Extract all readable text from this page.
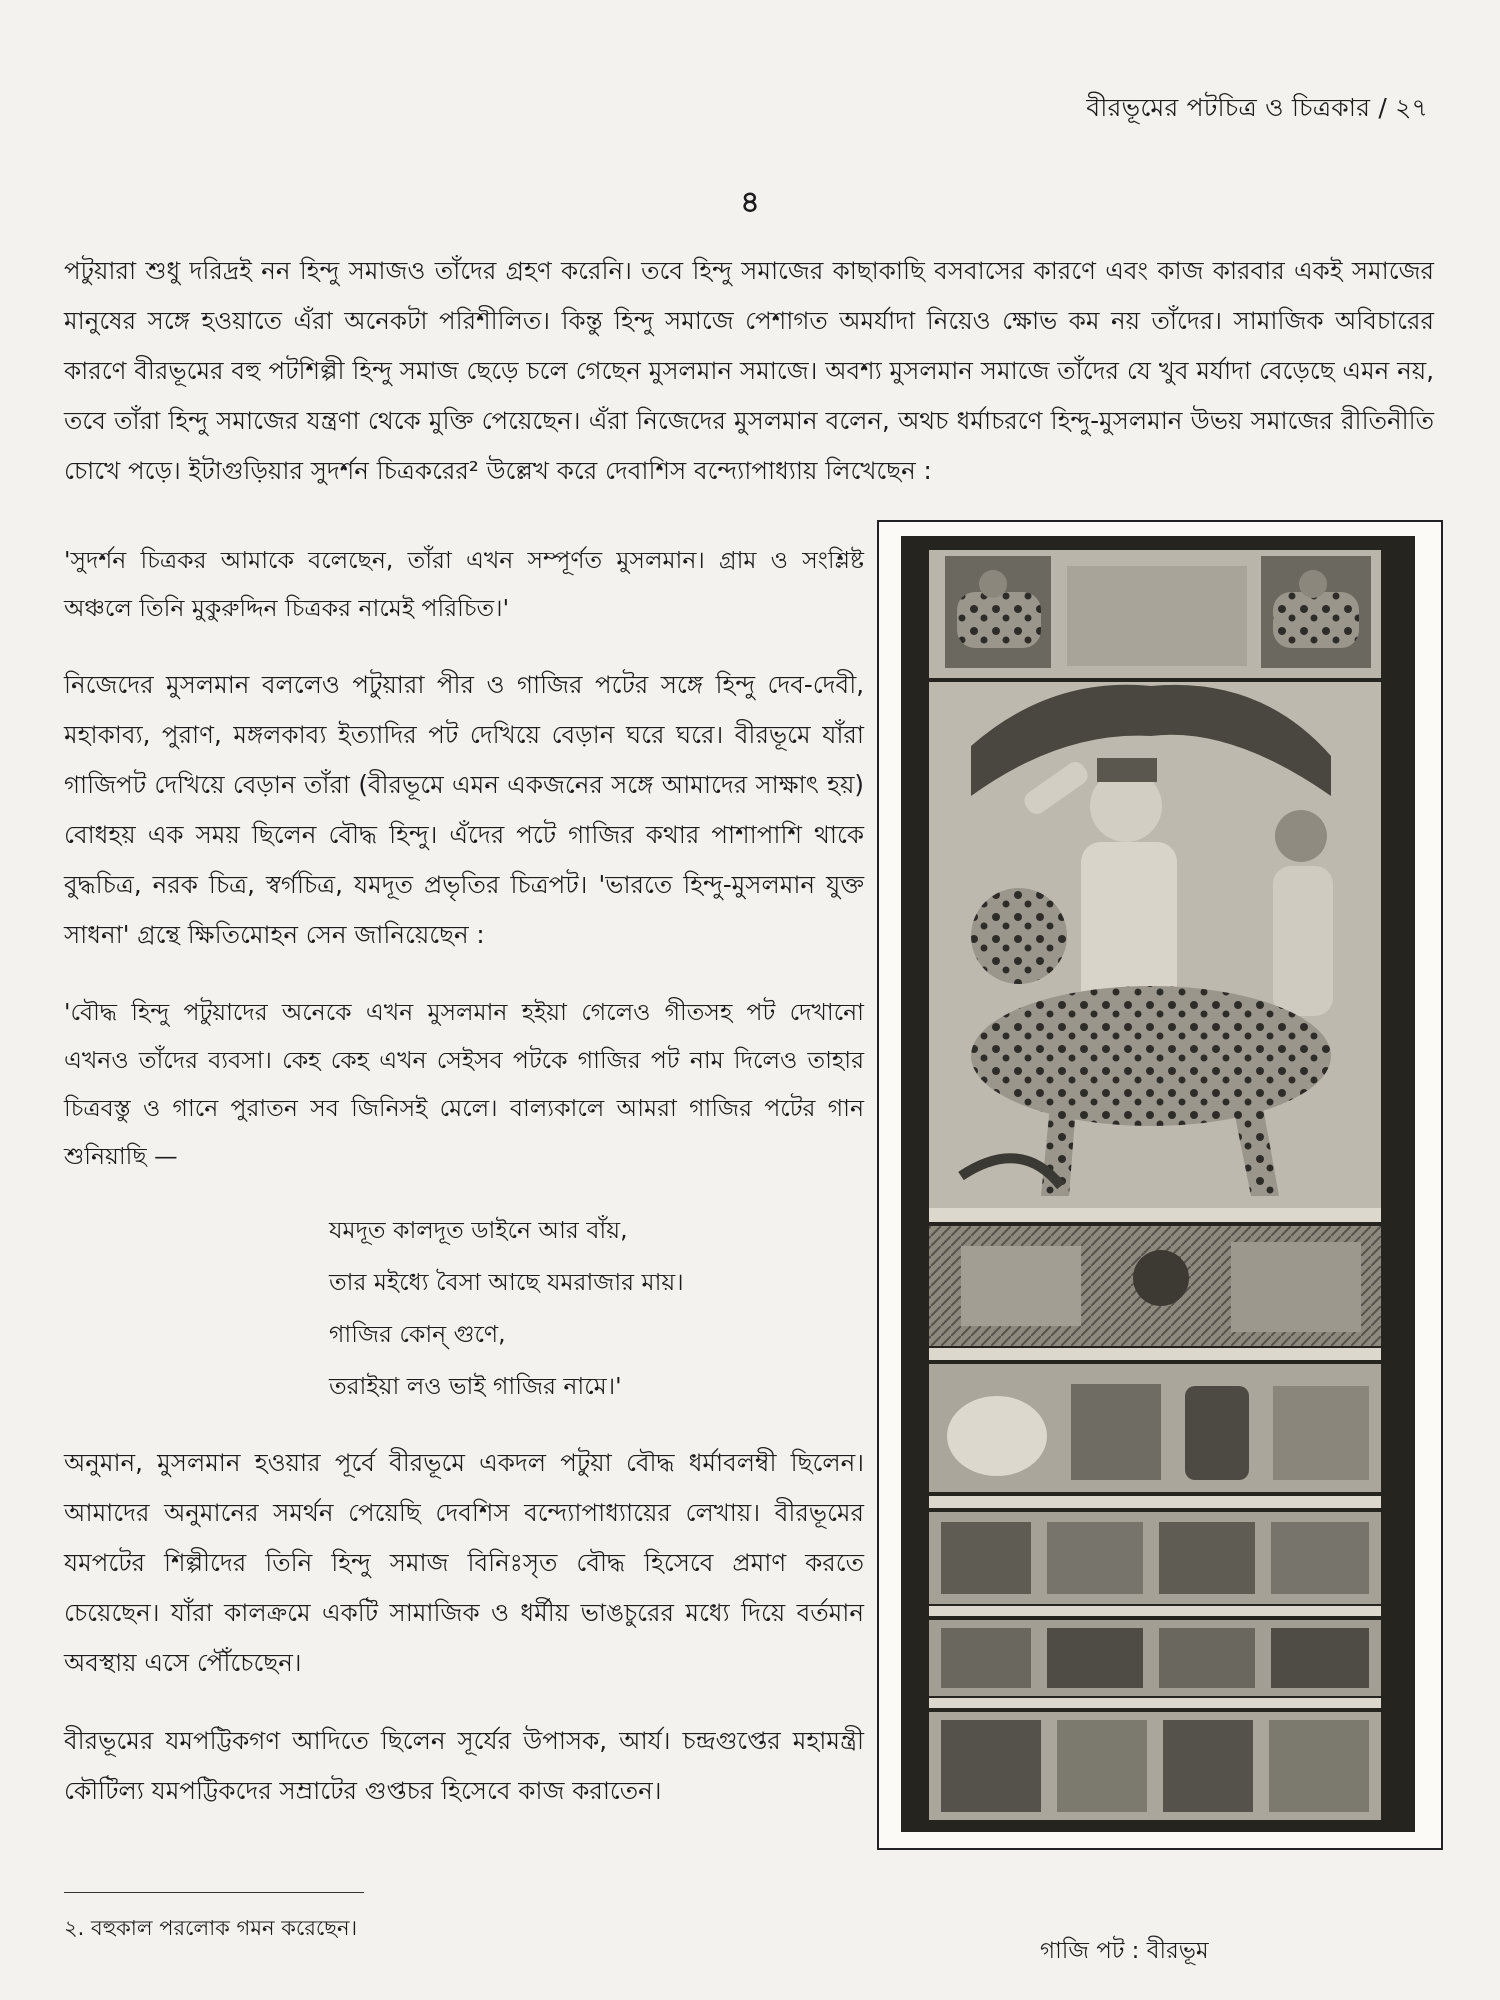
বীরভূমের পটচিত্র ও চিত্রকার / ২৭
৪

পটুয়ারা শুধু দরিদ্রই নন হিন্দু সমাজও তাঁদের গ্রহণ করেনি। তবে হিন্দু সমাজের কাছাকাছি বসবাসের কারণে এবং কাজ কারবার একই সমাজের মানুষের সঙ্গে হওয়াতে এঁরা অনেকটা পরিশীলিত। কিন্তু হিন্দু সমাজে পেশাগত অমর্যাদা নিয়েও ক্ষোভ কম নয় তাঁদের। সামাজিক অবিচারের কারণে বীরভূমের বহু পটশিল্পী হিন্দু সমাজ ছেড়ে চলে গেছেন মুসলমান সমাজে। অবশ্য মুসলমান সমাজে তাঁদের যে খুব মর্যাদা বেড়েছে এমন নয়, তবে তাঁরা হিন্দু সমাজের যন্ত্রণা থেকে মুক্তি পেয়েছেন। এঁরা নিজেদের মুসলমান বলেন, অথচ ধর্মাচরণে হিন্দু-মুসলমান উভয় সমাজের রীতিনীতি চোখে পড়ে। ইটাগুড়িয়ার সুদর্শন চিত্রকরের² উল্লেখ করে দেবাশিস বন্দ্যোপাধ্যায় লিখেছেন :

'সুদর্শন চিত্রকর আমাকে বলেছেন, তাঁরা এখন সম্পূর্ণত মুসলমান। গ্রাম ও সংশ্লিষ্ট অঞ্চলে তিনি মুকুরুদ্দিন চিত্রকর নামেই পরিচিত।'

নিজেদের মুসলমান বললেও পটুয়ারা পীর ও গাজির পটের সঙ্গে হিন্দু দেব-দেবী, মহাকাব্য, পুরাণ, মঙ্গলকাব্য ইত্যাদির পট দেখিয়ে বেড়ান ঘরে ঘরে। বীরভূমে যাঁরা গাজিপট দেখিয়ে বেড়ান তাঁরা (বীরভূমে এমন একজনের সঙ্গে আমাদের সাক্ষাৎ হয়) বোধহয় এক সময় ছিলেন বৌদ্ধ হিন্দু। এঁদের পটে গাজির কথার পাশাপাশি থাকে বুদ্ধচিত্র, নরক চিত্র, স্বর্গচিত্র, যমদূত প্রভৃতির চিত্রপট। 'ভারতে হিন্দু-মুসলমান যুক্ত সাধনা' গ্রন্থে ক্ষিতিমোহন সেন জানিয়েছেন :

'বৌদ্ধ হিন্দু পটুয়াদের অনেকে এখন মুসলমান হইয়া গেলেও গীতসহ পট দেখানো এখনও তাঁদের ব্যবসা। কেহ কেহ এখন সেইসব পটকে গাজির পট নাম দিলেও তাহার চিত্রবস্তু ও গানে পুরাতন সব জিনিসই মেলে। বাল্যকালে আমরা গাজির পটের গান শুনিয়াছি —

যমদূত কালদূত ডাইনে আর বাঁয়,
তার মইধ্যে বৈসা আছে যমরাজার মায়।
গাজির কোন্ গুণে,
তরাইয়া লও ভাই গাজির নামে।'

অনুমান, মুসলমান হওয়ার পূর্বে বীরভূমে একদল পটুয়া বৌদ্ধ ধর্মাবলম্বী ছিলেন। আমাদের অনুমানের সমর্থন পেয়েছি দেবশিস বন্দ্যোপাধ্যায়ের লেখায়। বীরভূমের যমপটের শিল্পীদের তিনি হিন্দু সমাজ বিনিঃসৃত বৌদ্ধ হিসেবে প্রমাণ করতে চেয়েছেন। যাঁরা কালক্রমে একটি সামাজিক ও ধর্মীয় ভাঙচুরের মধ্যে দিয়ে বর্তমান অবস্থায় এসে পৌঁচেছেন।

বীরভূমের যমপট্টিকগণ আদিতে ছিলেন সূর্যের উপাসক, আর্য। চন্দ্রগুপ্তের মহামন্ত্রী কৌটিল্য যমপট্টিকদের সম্রাটের গুপ্তচর হিসেবে কাজ করাতেন।

গাজি পট : বীরভূম
২. বহুকাল পরলোক গমন করেছেন।
